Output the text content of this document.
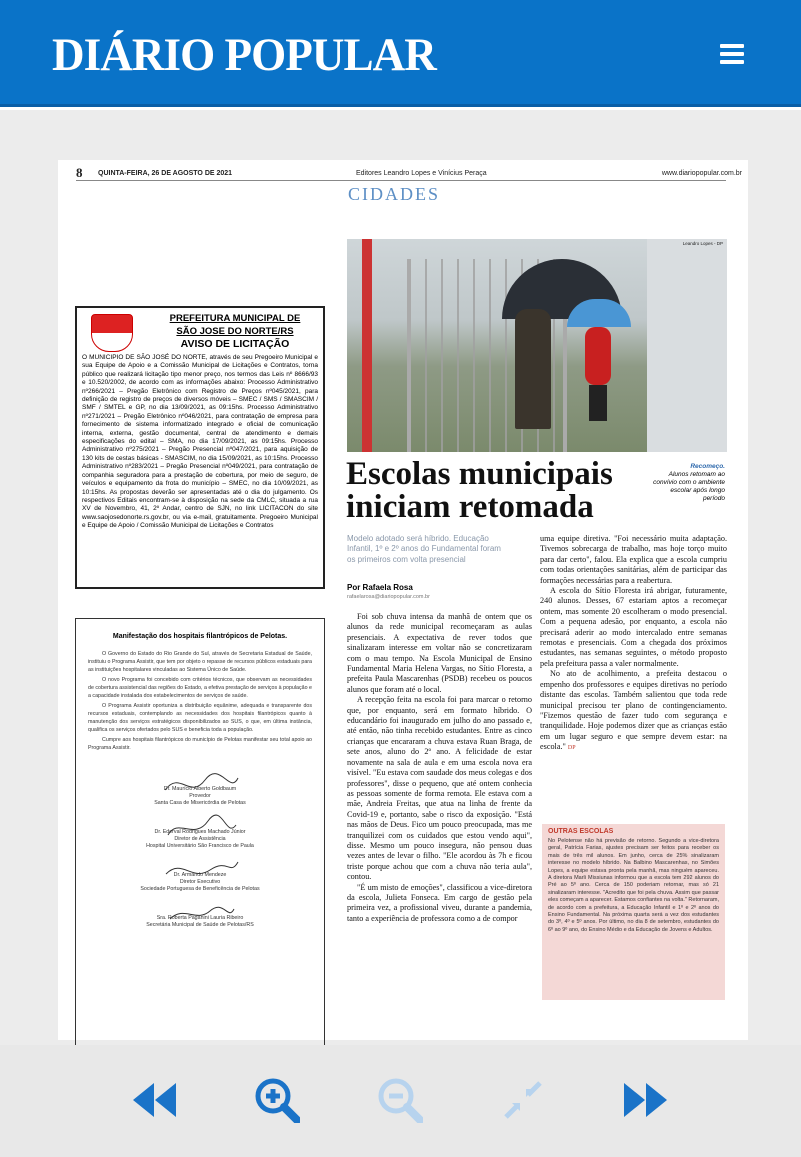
DIÁRIO POPULAR
8 QUINTA-FEIRA, 26 DE AGOSTO DE 2021	Editores Leandro Lopes e Vinícius Peraça	www.diariopopular.com.br
CIDADES
PREFEITURA MUNICIPAL DE
SÃO JOSE DO NORTE/RS
AVISO DE LICITAÇÃO

O MUNICIPIO DE SÃO JOSÉ DO NORTE, através de seu Pregoeiro Municipal e sua Equipe de Apoio e a Comissão Municipal de Licitações e Contratos, torna público que realizará licitação tipo menor preço, nos termos das Leis nº 8666/93 e 10.520/2002, de acordo com as informações abaixo: Processo Administrativo nº266/2021 – Pregão Eletrônico com Registro de Preços nº045/2021, para definição de registro de preços de diversos móveis – SMEC / SMS / SMASCIM / SMF / SMTEL e GP, no dia 13/09/2021, as 09:15hs. Processo Administrativo nº271/2021 – Pregão Eletrônico nº046/2021, para contratação de empresa para fornecimento de sistema informatizado integrado e oficial de comunicação interna, externa, gestão documental, central de atendimento e demais especificações do edital – SMA, no dia 17/09/2021, as 09:15hs. Processo Administrativo nº275/2021 – Pregão Presencial nº047/2021, para aquisição de 130 kits de cestas básicas - SMASCIM, no dia 15/09/2021, as 10:15hs. Processo Administrativo nº283/2021 – Pregão Presencial nº049/2021, para contratação de companhia seguradora para a prestação de cobertura, por meio de seguro, de veículos e equipamento da frota do município – SMEC, no dia 10/09/2021, as 10:15hs. As propostas deverão ser apresentadas até o dia do julgamento. Os respectivos Editais encontram-se à disposição na sede da CMLC, situada a rua XV de Novembro, 41, 2º Andar, centro de SJN, no link LICITACON do site www.saojosedonorte.rs.gov.br, ou via e-mail, gratuitamente. Pregoeiro Municipal e Equipe de Apoio / Comissão Municipal de Licitações e Contratos

Manifestação dos hospitais filantrópicos de Pelotas.

O Governo do Estado do Rio Grande do Sul, através de Secretaria Estadual de Saúde, instituiu o Programa Assistir, que tem por objeto o repasse de recursos públicos estaduais para as instituições hospitalares vinculadas ao Sistema Único de Saúde.

O novo Programa foi concebido com critérios técnicos, que observam as necessidades de cobertura assistencial das regiões do Estado, a efetiva prestação de serviços à população e a capacidade instalada dos estabelecimentos de serviços de saúde.

O Programa Assistir oportuniza a distribuição equânime, adequada e transparente dos recursos estaduais, contemplando as necessidades dos hospitais filantrópicos quanto à manutenção dos serviços estratégicos disponibilizados ao SUS, o que, em última instância, qualifica os serviços ofertados pelo SUS e beneficia toda a população.

Cumpre aos hospitais filantrópicos do município de Pelotas manifestar seu total apoio ao Programa Assistir.

Dr. Maurício Alberto Goldbaum
Provedor
Santa Casa de Misericórdia de Pelotas
Dr. Ederval Rodrigues Machado Júnior
Diretor de Assistência
Hospital Universitário São Francisco de Paula
Dr. Armando Mendeze
Diretor Executivo
Sociedade Portuguesa de Beneficência de Pelotas
Sra. Roberta Paganini Lauria Ribeiro
Secretária Municipal de Saúde de Pelotas/RS
Leandro Lopes - DP
Escolas municipais iniciam retomada
Recomeço.
Alunos retomam ao convívio com o ambiente escolar após longo período
Modelo adotado será híbrido. Educação Infantil, 1º e 2º anos do Fundamental foram os primeiros com volta presencial
Por Rafaela Rosa
rafaelarosa@diariopopular.com.br

Foi sob chuva intensa da manhã de ontem que os alunos da rede municipal recomeçaram as aulas presenciais. A expectativa de rever todos que sinalizaram interesse em voltar não se concretizaram com o mau tempo. Na Escola Municipal de Ensino Fundamental Maria Helena Vargas, no Sítio Floresta, a prefeita Paula Mascarenhas (PSDB) recebeu os poucos alunos que foram até o local.

A recepção feita na escola foi para marcar o retorno que, por enquanto, será em formato híbrido. O educandário foi inaugurado em julho do ano passado e, até então, não tinha recebido estudantes. Entre as cinco crianças que encararam a chuva estava Ruan Braga, de sete anos, aluno do 2º ano. A felicidade de estar novamente na sala de aula e em uma escola nova era visível. "Eu estava com saudade dos meus colegas e dos professores", disse o pequeno, que até ontem conhecia as pessoas somente de forma remota. Ele estava com a mãe, Andreia Freitas, que atua na linha de frente da Covid-19 e, portanto, sabe o risco da exposição. "Está nas mãos de Deus. Fico um pouco preocupada, mas me tranquilizei com os cuidados que estou vendo aqui", disse. Mesmo um pouco insegura, não pensou duas vezes antes de levar o filho. "Ele acordou às 7h e ficou triste porque achou que com a chuva não teria aula", contou.

"É um misto de emoções", classificou a vice-diretora da escola, Julieta Fonseca. Em cargo de gestão pela primeira vez, a profissional viveu, durante a pandemia, tanto a experiência de professora como a de compor

uma equipe diretiva. "Foi necessário muita adaptação. Tivemos sobrecarga de trabalho, mas hoje torço muito para dar certo", falou. Ela explica que a escola cumpriu com todas orientações sanitárias, além de participar das formações necessárias para a reabertura.

A escola do Sítio Floresta irá abrigar, futuramente, 240 alunos. Desses, 67 estariam aptos a recomeçar ontem, mas somente 20 escolheram o modo presencial. Com a pequena adesão, por enquanto, a escola não precisará aderir ao modo intercalado entre semanas remotas e presenciais. Com a chegada dos próximos estudantes, nas semanas seguintes, o método proposto pela prefeitura passa a valer normalmente.

No ato de acolhimento, a prefeita destacou o empenho dos professores e equipes diretivas no período distante das escolas. Também salientou que toda rede municipal precisou ter plano de contingenciamento. "Fizemos questão de fazer tudo com segurança e tranquilidade. Hoje podemos dizer que as crianças estão em um lugar seguro e que sempre devem estar: na escola." DP

OUTRAS ESCOLAS

No Pelotense não há previsão de retorno. Segundo a vice-diretora geral, Patrícia Farias, ajustes precisam ser feitos para receber os mais de três mil alunos. Em junho, cerca de 25% sinalizaram interesse no modelo híbrido. Na Balbino Mascarenhas, no Simões Lopes, a equipe estava pronta pela manhã, mas ninguém apareceu. A diretora Marli Missiunas informou que a escola tem 292 alunos do Pré ao 5º ano. Cerca de 150 poderiam retornar, mas só 21 sinalizaram interesse. "Acredito que foi pela chuva. Assim que passar eles começam a aparecer. Estamos confiantes na volta." Retornaram, de acordo com a prefeitura, a Educação Infantil e 1º e 2º anos do Ensino Fundamental. Na próxima quarta será a vez dos estudantes do 3º, 4º e 5º anos. Por último, no dia 8 de setembro, estudantes do 6º ao 9º ano, do Ensino Médio e da Educação de Jovens e Adultos.
